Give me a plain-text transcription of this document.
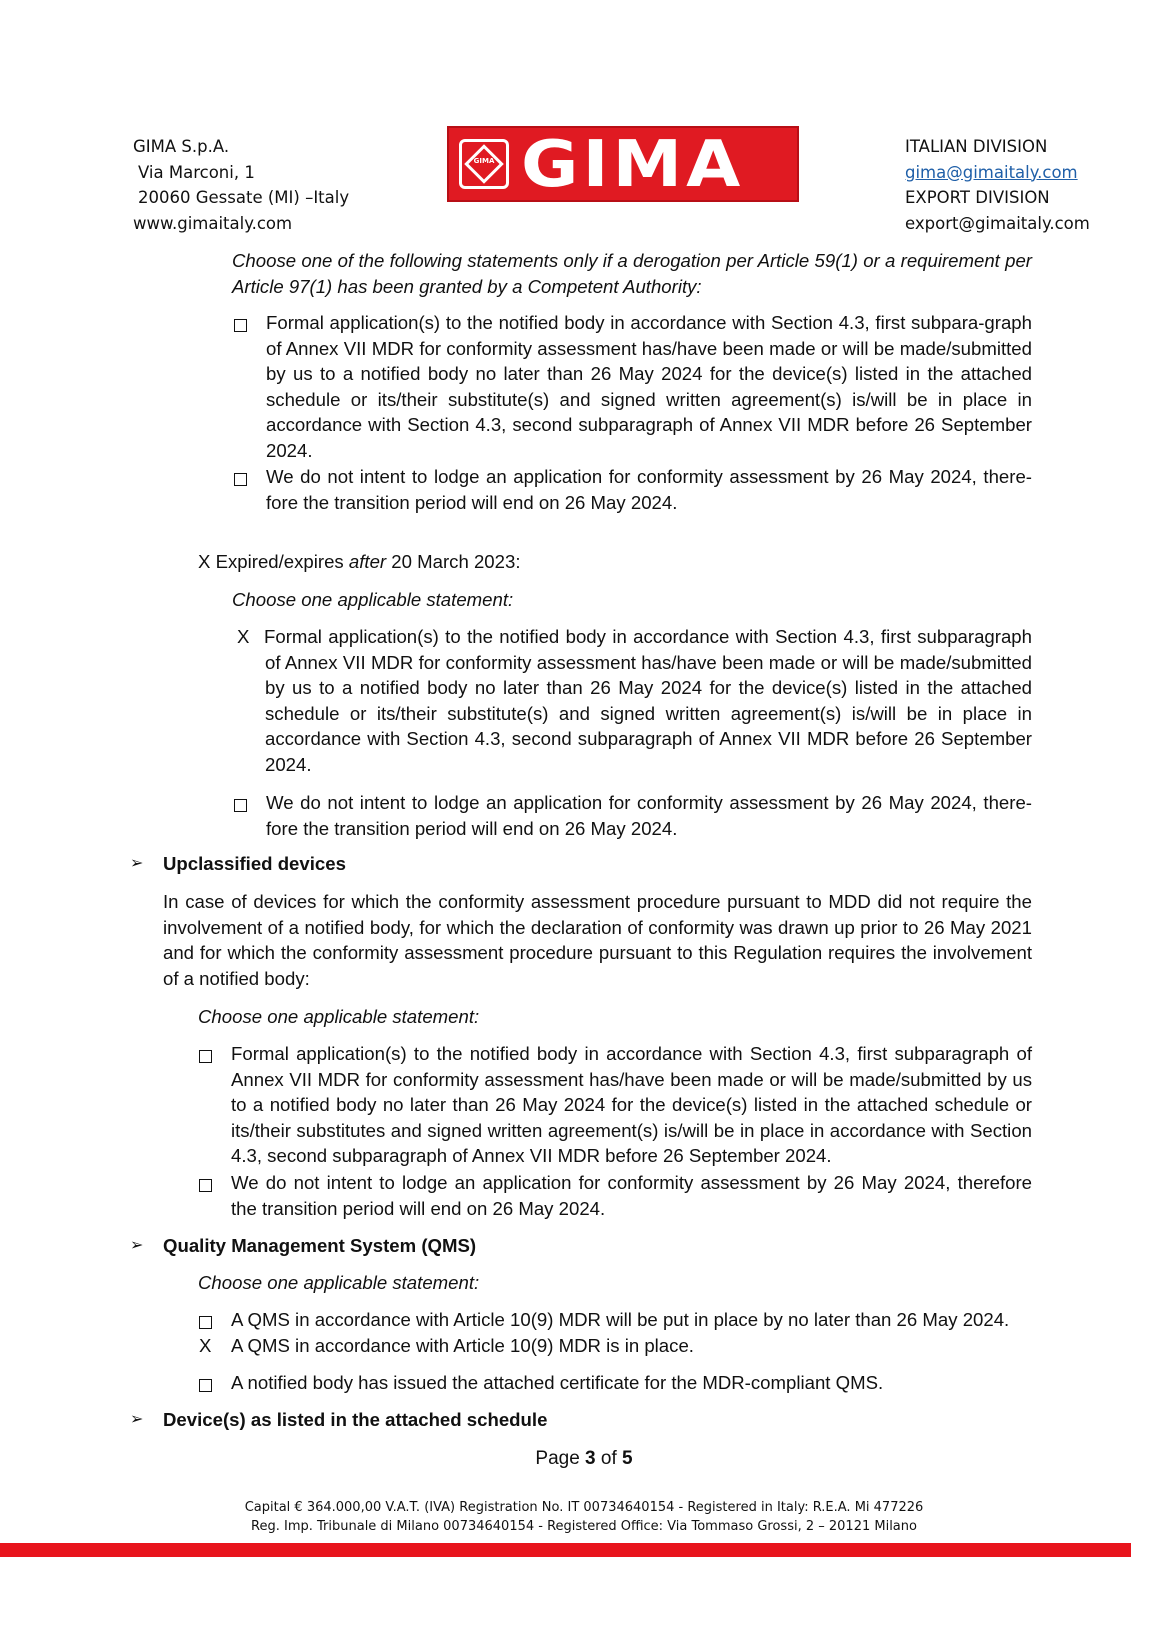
GIMA S.p.A.
Via Marconi, 1
20060 Gessate (MI) –Italy
www.gimaitaly.com
GIMA GIMA	ITALIAN DIVISION
gima@gimaitaly.com
EXPORT DIVISION
export@gimaitaly.com
Choose one of the following statements only if a derogation per Article 59(1) or a requirement per Article 97(1) has been granted by a Competent Authority:
Formal application(s) to the notified body in accordance with Section 4.3, first subpara-graph of Annex VII MDR for conformity assessment has/have been made or will be made/submitted by us to a notified body no later than 26 May 2024 for the device(s) listed in the attached schedule or its/their substitute(s) and signed written agreement(s) is/will be in place in accordance with Section 4.3, second subparagraph of Annex VII MDR before 26 September 2024.
We do not intent to lodge an application for conformity assessment by 26 May 2024, there-fore the transition period will end on 26 May 2024.
X Expired/expires after 20 March 2023:
Choose one applicable statement:
X Formal application(s) to the notified body in accordance with Section 4.3, first subparagraph of Annex VII MDR for conformity assessment has/have been made or will be made/submitted by us to a notified body no later than 26 May 2024 for the device(s) listed in the attached schedule or its/their substitute(s) and signed written agreement(s) is/will be in place in accordance with Section 4.3, second subparagraph of Annex VII MDR before 26 September 2024.
We do not intent to lodge an application for conformity assessment by 26 May 2024, there-fore the transition period will end on 26 May 2024.
➢ Upclassified devices
In case of devices for which the conformity assessment procedure pursuant to MDD did not require the involvement of a notified body, for which the declaration of conformity was drawn up prior to 26 May 2021 and for which the conformity assessment procedure pursuant to this Regulation requires the involvement of a notified body:
Choose one applicable statement:
Formal application(s) to the notified body in accordance with Section 4.3, first subparagraph of Annex VII MDR for conformity assessment has/have been made or will be made/submitted by us to a notified body no later than 26 May 2024 for the device(s) listed in the attached schedule or its/their substitutes and signed written agreement(s) is/will be in place in accordance with Section 4.3, second subparagraph of Annex VII MDR before 26 September 2024.
We do not intent to lodge an application for conformity assessment by 26 May 2024, therefore the transition period will end on 26 May 2024.
➢ Quality Management System (QMS)
Choose one applicable statement:
A QMS in accordance with Article 10(9) MDR will be put in place by no later than 26 May 2024.
X A QMS in accordance with Article 10(9) MDR is in place.
A notified body has issued the attached certificate for the MDR-compliant QMS.
➢ Device(s) as listed in the attached schedule
Page 3 of 5
Capital € 364.000,00 V.A.T. (IVA) Registration No. IT 00734640154 - Registered in Italy: R.E.A. Mi 477226
Reg. Imp. Tribunale di Milano 00734640154 - Registered Office: Via Tommaso Grossi, 2 – 20121 Milano
